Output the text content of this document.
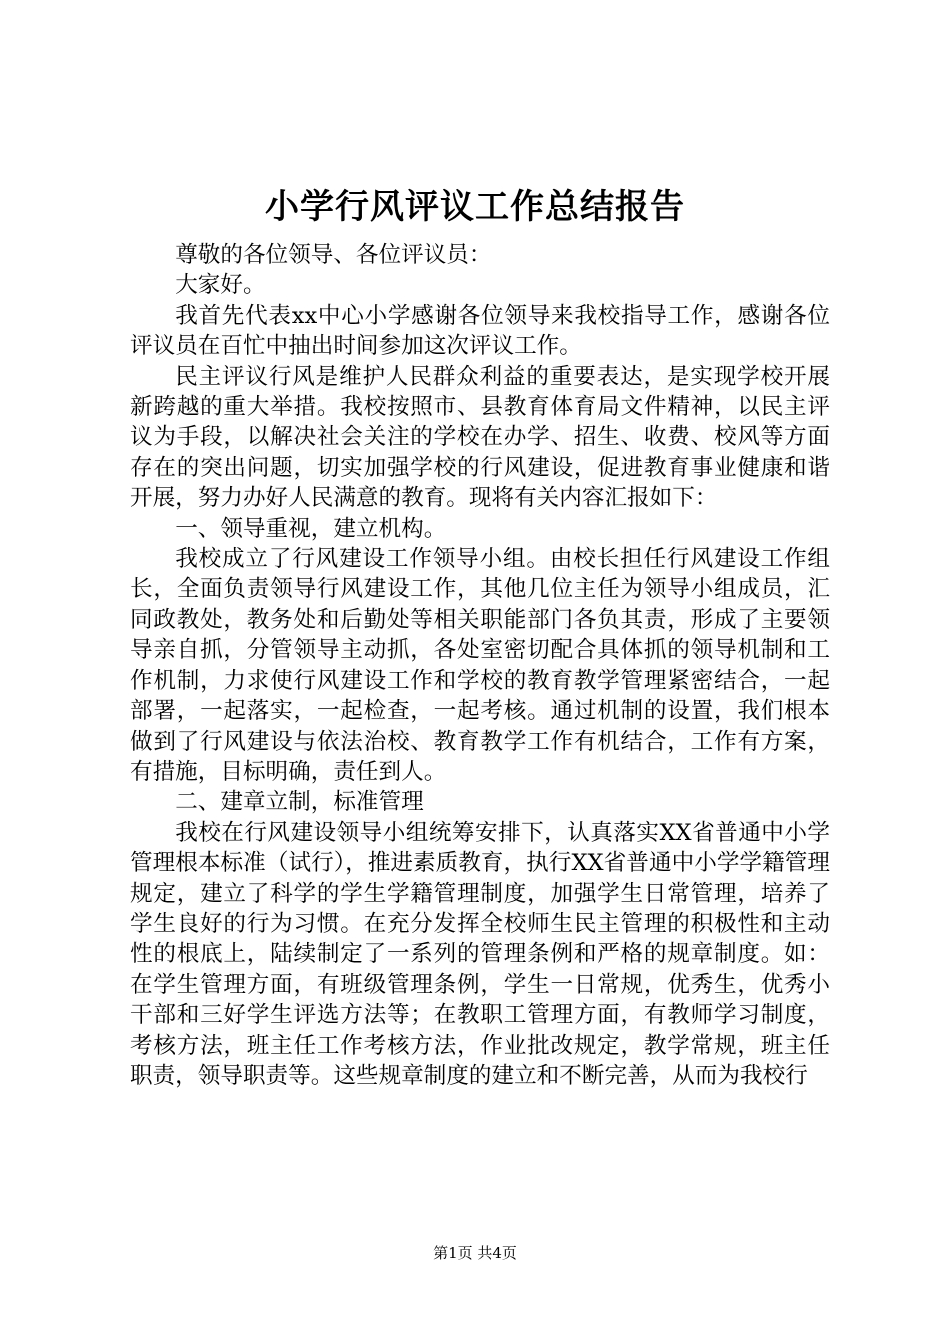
小学行风评议工作总结报告

尊敬的各位领导、各位评议员：

大家好。

我首先代表xx中心小学感谢各位领导来我校指导工作，感谢各位评议员在百忙中抽出时间参加这次评议工作。

民主评议行风是维护人民群众利益的重要表达，是实现学校开展新跨越的重大举措。我校按照市、县教育体育局文件精神，以民主评议为手段，以解决社会关注的学校在办学、招生、收费、校风等方面存在的突出问题，切实加强学校的行风建设，促进教育事业健康和谐开展，努力办好人民满意的教育。现将有关内容汇报如下：

一、领导重视，建立机构。

我校成立了行风建设工作领导小组。由校长担任行风建设工作组长，全面负责领导行风建设工作，其他几位主任为领导小组成员，汇同政教处，教务处和后勤处等相关职能部门各负其责，形成了主要领导亲自抓，分管领导主动抓，各处室密切配合具体抓的领导机制和工作机制，力求使行风建设工作和学校的教育教学管理紧密结合，一起部署，一起落实，一起检查，一起考核。通过机制的设置，我们根本做到了行风建设与依法治校、教育教学工作有机结合，工作有方案，有措施，目标明确，责任到人。

二、建章立制，标准管理

我校在行风建设领导小组统筹安排下，认真落实XX省普通中小学管理根本标准（试行），推进素质教育，执行XX省普通中小学学籍管理规定，建立了科学的学生学籍管理制度，加强学生日常管理，培养了学生良好的行为习惯。在充分发挥全校师生民主管理的积极性和主动性的根底上，陆续制定了一系列的管理条例和严格的规章制度。如：在学生管理方面，有班级管理条例，学生一日常规，优秀生，优秀小干部和三好学生评选方法等；在教职工管理方面，有教师学习制度，考核方法，班主任工作考核方法，作业批改规定，教学常规，班主任职责，领导职责等。这些规章制度的建立和不断完善，从而为我校行

第1页 共4页
